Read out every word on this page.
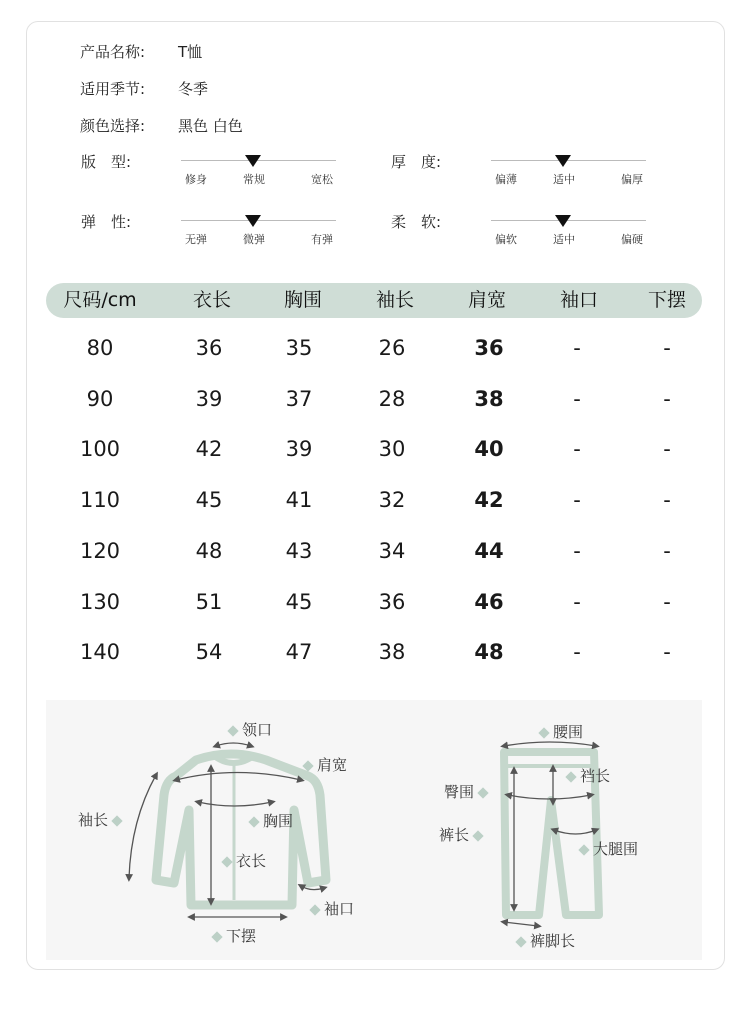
产品名称: T恤
适用季节: 冬季
颜色选择: 黑色 白色
版　型:
修身	常规	宽松
厚　度:
偏薄	适中	偏厚
弹　性:
无弹	微弹	有弹
柔　软:
偏软	适中	偏硬
尺码/cm	衣长	胸围	袖长	肩宽	袖口	下摆
80	36	35	26	36	-	-
90	39	37	28	38	-	-
100	42	39	30	40	-	-
110	45	41	32	42	-	-
120	48	43	34	44	-	-
130	51	45	36	46	-	-
140	54	47	38	48	-	-
领口
肩宽
袖长	胸围
衣长
袖口
下摆
腰围
裆长
臀围
裤长
大腿围
裤脚长
